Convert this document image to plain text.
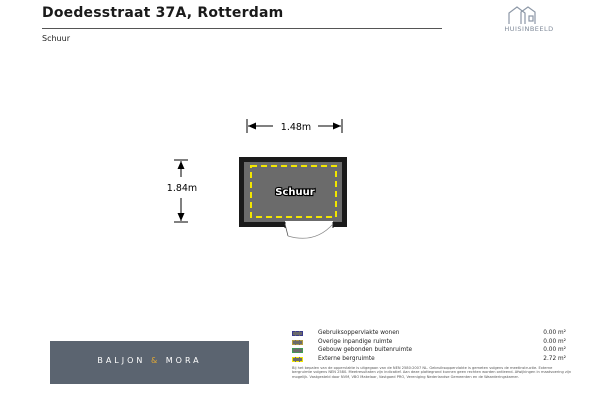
Doedesstraat 37A, Rotterdam
Schuur
HUISINBEELD
1.48m
1.84m	Schuur
BALJON & MORA
Gebruiksoppervlakte wonen	0.00 m²
Overige inpandige ruimte	0.00 m²
Gebouw gebonden buitenruimte	0.00 m²
Externe bergruimte	2.72 m²
Bij het bepalen van de oppervlakte is uitgegaan van de NEN 2580:2007 NL. Gebruiksoppervlakte is gemeten volgens de meetinstructie. Externe bergruimte volgens NEN 2580. Meetresultaten zijn indicatief. Aan deze plattegrond kunnen geen rechten worden ontleend. Afwijkingen in maatvoering zijn mogelijk. Vastgesteld door NVM, VBO Makelaar, Vastgoed PRO, Vereniging Nederlandse Gemeenten en de Waarderingskamer.
